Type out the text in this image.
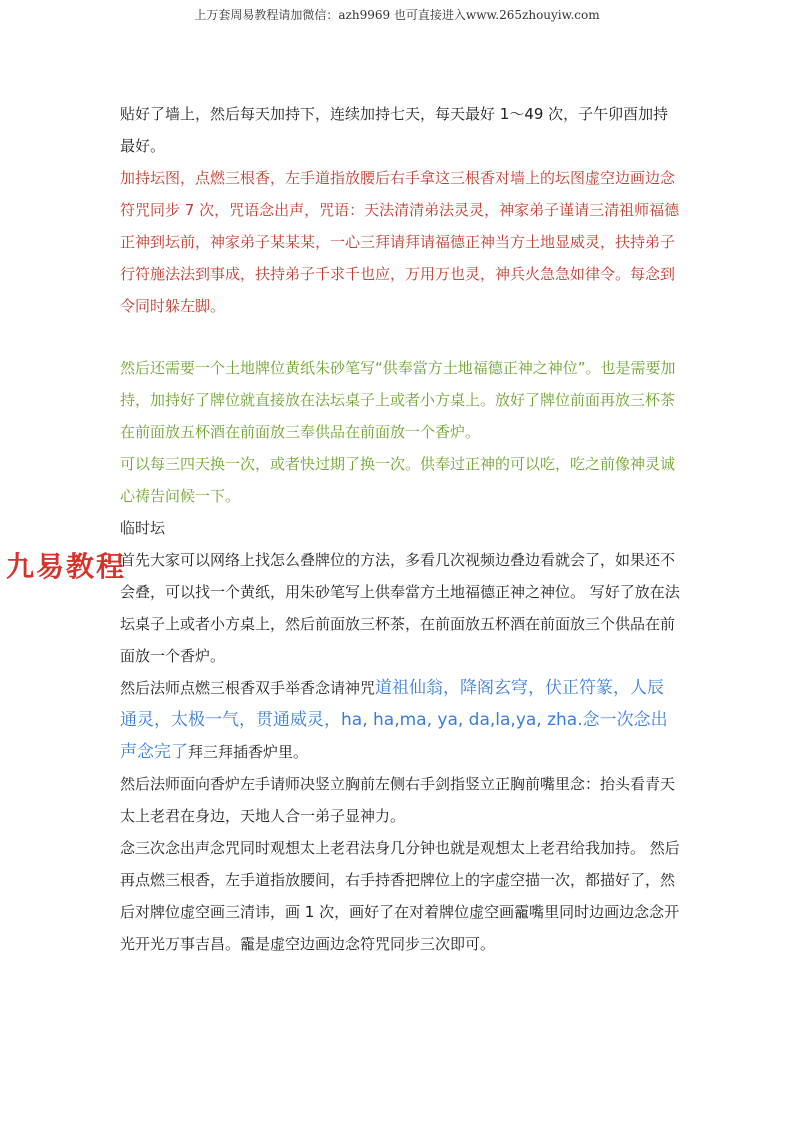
上万套周易教程请加微信：azh9969 也可直接进入www.265zhouyiw.com
九易教程

贴好了墙上，然后每天加持下，连续加持七天，每天最好 1～49 次，子午卯酉加持最好。

加持坛图，点燃三根香，左手道指放腰后右手拿这三根香对墙上的坛图虚空边画边念符咒同步 7 次，咒语念出声，咒语：天法清清弟法灵灵，神家弟子谨请三清祖师福德正神到坛前，神家弟子某某某，一心三拜请拜请福德正神当方土地显威灵，扶持弟子行符施法法到事成，扶持弟子千求千也应，万用万也灵，神兵火急急如律令。每念到令同时躲左脚。

然后还需要一个土地牌位黄纸朱砂笔写“供奉當方土地福德正神之神位”。也是需要加持，加持好了牌位就直接放在法坛桌子上或者小方桌上。放好了牌位前面再放三杯茶在前面放五杯酒在前面放三奉供品在前面放一个香炉。

可以每三四天换一次，或者快过期了换一次。供奉过正神的可以吃，吃之前像神灵诚心祷告问候一下。

临时坛

首先大家可以网络上找怎么叠牌位的方法，多看几次视频边叠边看就会了，如果还不会叠，可以找一个黄纸，用朱砂笔写上供奉當方土地福德正神之神位。 写好了放在法坛桌子上或者小方桌上，然后前面放三杯茶，在前面放五杯酒在前面放三个供品在前面放一个香炉。

然后法师点燃三根香双手举香念请神咒道祖仙翁，降阁玄穹，伏正符篆，人辰通灵，太极一气，贯通威灵，ha, ha,ma, ya, da,la,ya, zha.念一次念出声念完了拜三拜插香炉里。

然后法师面向香炉左手请师决竖立胸前左侧右手剑指竖立正胸前嘴里念：抬头看青天太上老君在身边，天地人合一弟子显神力。

念三次念出声念咒同时观想太上老君法身几分钟也就是观想太上老君给我加持。 然后再点燃三根香，左手道指放腰间，右手持香把牌位上的字虚空描一次，都描好了，然后对牌位虚空画三清讳，画 1 次，画好了在对着牌位虚空画靇嘴里同时边画边念念开光开光万事吉昌。靇是虚空边画边念符咒同步三次即可。
